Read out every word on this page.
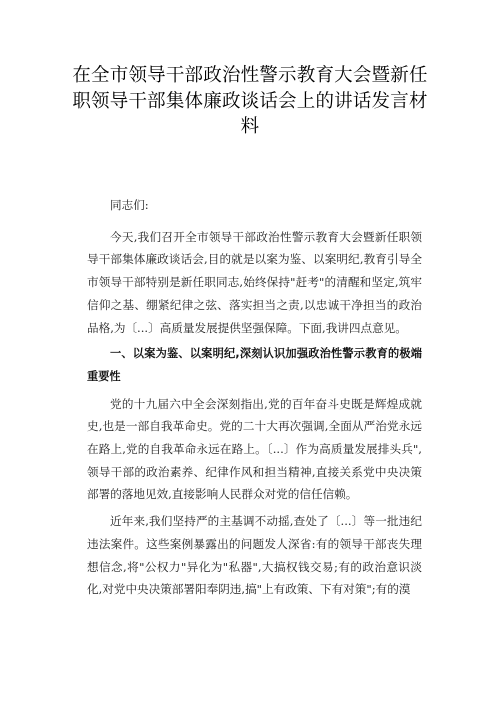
在全市领导干部政治性警示教育大会暨新任职领导干部集体廉政谈话会上的讲话发言材料

同志们:

今天,我们召开全市领导干部政治性警示教育大会暨新任职领导干部集体廉政谈话会,目的就是以案为鉴、以案明纪,教育引导全市领导干部特别是新任职同志,始终保持"赶考"的清醒和坚定,筑牢信仰之基、绷紧纪律之弦、落实担当之责,以忠诚干净担当的政治品格,为〔...〕高质量发展提供坚强保障。下面,我讲四点意见。

一、以案为鉴、以案明纪,深刻认识加强政治性警示教育的极端重要性

党的十九届六中全会深刻指出,党的百年奋斗史既是辉煌成就史,也是一部自我革命史。党的二十大再次强调,全面从严治党永远在路上,党的自我革命永远在路上。〔...〕作为高质量发展排头兵",领导干部的政治素养、纪律作风和担当精神,直接关系党中央决策部署的落地见效,直接影响人民群众对党的信任信赖。

近年来,我们坚持严的主基调不动摇,查处了〔...〕等一批违纪违法案件。这些案例暴露出的问题发人深省:有的领导干部丧失理想信念,将"公权力"异化为"私器",大搞权钱交易;有的政治意识淡化,对党中央决策部署阳奉阴违,搞"上有政策、下有对策";有的漠
